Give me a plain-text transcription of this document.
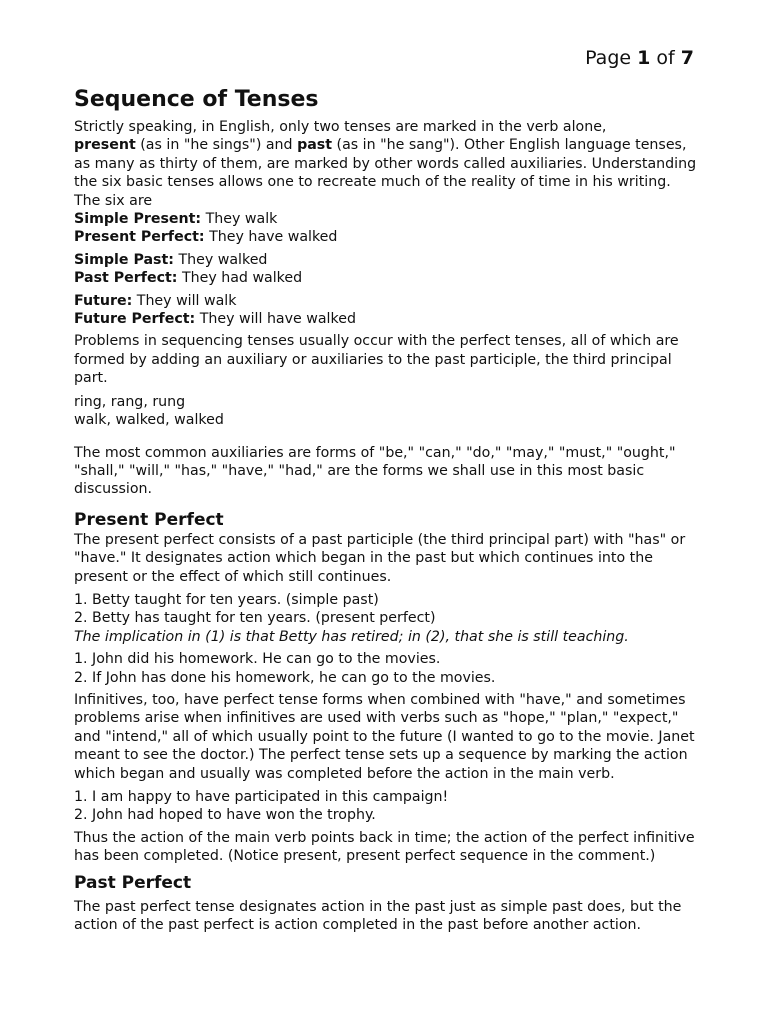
Page 1 of 7
Sequence of Tenses

Strictly speaking, in English, only two tenses are marked in the verb alone,
present (as in "he sings") and past (as in "he sang"). Other English language tenses, as many as thirty of them, are marked by other words called auxiliaries. Understanding the six basic tenses allows one to recreate much of the reality of time in his writing. The six are

Simple Present: They walk
Present Perfect: They have walked
Simple Past: They walked
Past Perfect: They had walked
Future: They will walk
Future Perfect: They will have walked

Problems in sequencing tenses usually occur with the perfect tenses, all of which are formed by adding an auxiliary or auxiliaries to the past participle, the third principal part.

ring, rang, rung
walk, walked, walked

The most common auxiliaries are forms of "be," "can," "do," "may," "must," "ought," "shall," "will," "has," "have," "had," are the forms we shall use in this most basic discussion.

Present Perfect

The present perfect consists of a past participle (the third principal part) with "has" or "have." It designates action which began in the past but which continues into the present or the effect of which still continues.

1. Betty taught for ten years. (simple past)
2. Betty has taught for ten years. (present perfect)
The implication in (1) is that Betty has retired; in (2), that she is still teaching.
1. John did his homework. He can go to the movies.
2. If John has done his homework, he can go to the movies.

Infinitives, too, have perfect tense forms when combined with "have," and sometimes problems arise when infinitives are used with verbs such as "hope," "plan," "expect," and "intend," all of which usually point to the future (I wanted to go to the movie. Janet meant to see the doctor.) The perfect tense sets up a sequence by marking the action which began and usually was completed before the action in the main verb.

1. I am happy to have participated in this campaign!
2. John had hoped to have won the trophy.

Thus the action of the main verb points back in time; the action of the perfect infinitive has been completed. (Notice present, present perfect sequence in the comment.)

Past Perfect

The past perfect tense designates action in the past just as simple past does, but the action of the past perfect is action completed in the past before another action.
